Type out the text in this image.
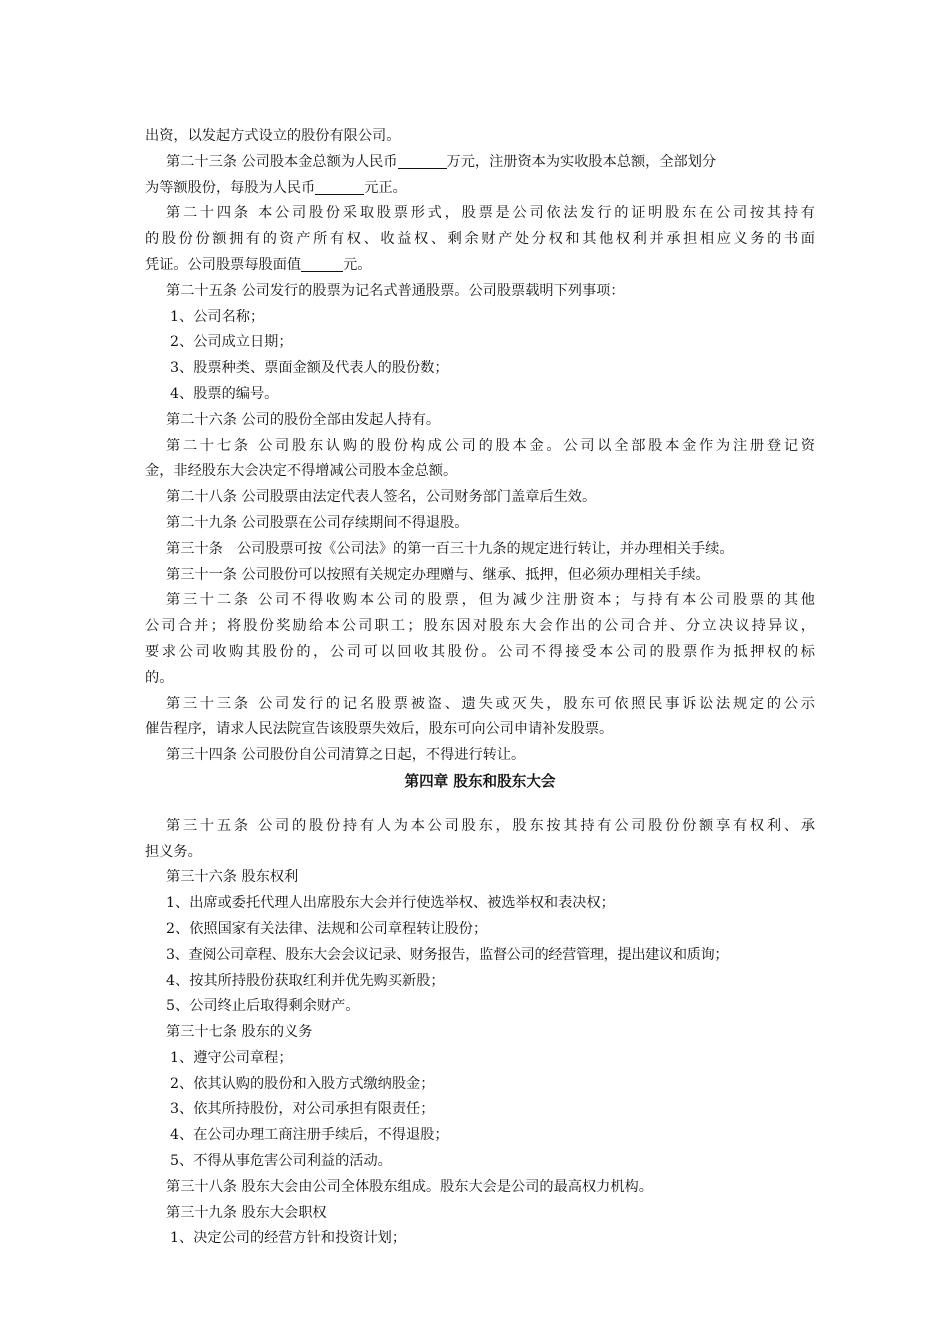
出资，以发起方式设立的股份有限公司。
第二十三条 公司股本金总额为人民币	万元，注册资本为实收股本总额，全部划分
为等额股份，每股为人民币	元正。
第二十四条 本公司股份采取股票形式，股票是公司依法发行的证明股东在公司按其持有
的股份份额拥有的资产所有权、收益权、剩余财产处分权和其他权利并承担相应义务的书面
凭证。公司股票每股面值	元。
第二十五条 公司发行的股票为记名式普通股票。公司股票载明下列事项：
1、公司名称；
2、公司成立日期；
3、股票种类、票面金额及代表人的股份数；
4、股票的编号。
第二十六条 公司的股份全部由发起人持有。
第二十七条 公司股东认购的股份构成公司的股本金。公司以全部股本金作为注册登记资
金，非经股东大会决定不得增减公司股本金总额。
第二十八条 公司股票由法定代表人签名，公司财务部门盖章后生效。
第二十九条 公司股票在公司存续期间不得退股。
第三十条　公司股票可按《公司法》的第一百三十九条的规定进行转让，并办理相关手续。
第三十一条 公司股份可以按照有关规定办理赠与、继承、抵押，但必须办理相关手续。
第三十二条 公司不得收购本公司的股票，但为减少注册资本；与持有本公司股票的其他
公司合并；将股份奖励给本公司职工；股东因对股东大会作出的公司合并、分立决议持异议，
要求公司收购其股份的，公司可以回收其股份。公司不得接受本公司的股票作为抵押权的标
的。
第三十三条 公司发行的记名股票被盗、遗失或灭失，股东可依照民事诉讼法规定的公示
催告程序，请求人民法院宣告该股票失效后，股东可向公司申请补发股票。
第三十四条 公司股份自公司清算之日起，不得进行转让。
第四章 股东和股东大会
第三十五条 公司的股份持有人为本公司股东，股东按其持有公司股份份额享有权利、承
担义务。
第三十六条 股东权利
1、出席或委托代理人出席股东大会并行使选举权、被选举权和表决权；
2、依照国家有关法律、法规和公司章程转让股份；
3、查阅公司章程、股东大会会议记录、财务报告，监督公司的经营管理，提出建议和质询；
4、按其所持股份获取红利并优先购买新股；
5、公司终止后取得剩余财产。
第三十七条 股东的义务
1、遵守公司章程；
2、依其认购的股份和入股方式缴纳股金；
3、依其所持股份，对公司承担有限责任；
4、在公司办理工商注册手续后，不得退股；
5、不得从事危害公司利益的活动。
第三十八条 股东大会由公司全体股东组成。股东大会是公司的最高权力机构。
第三十九条 股东大会职权
1、决定公司的经营方针和投资计划；
